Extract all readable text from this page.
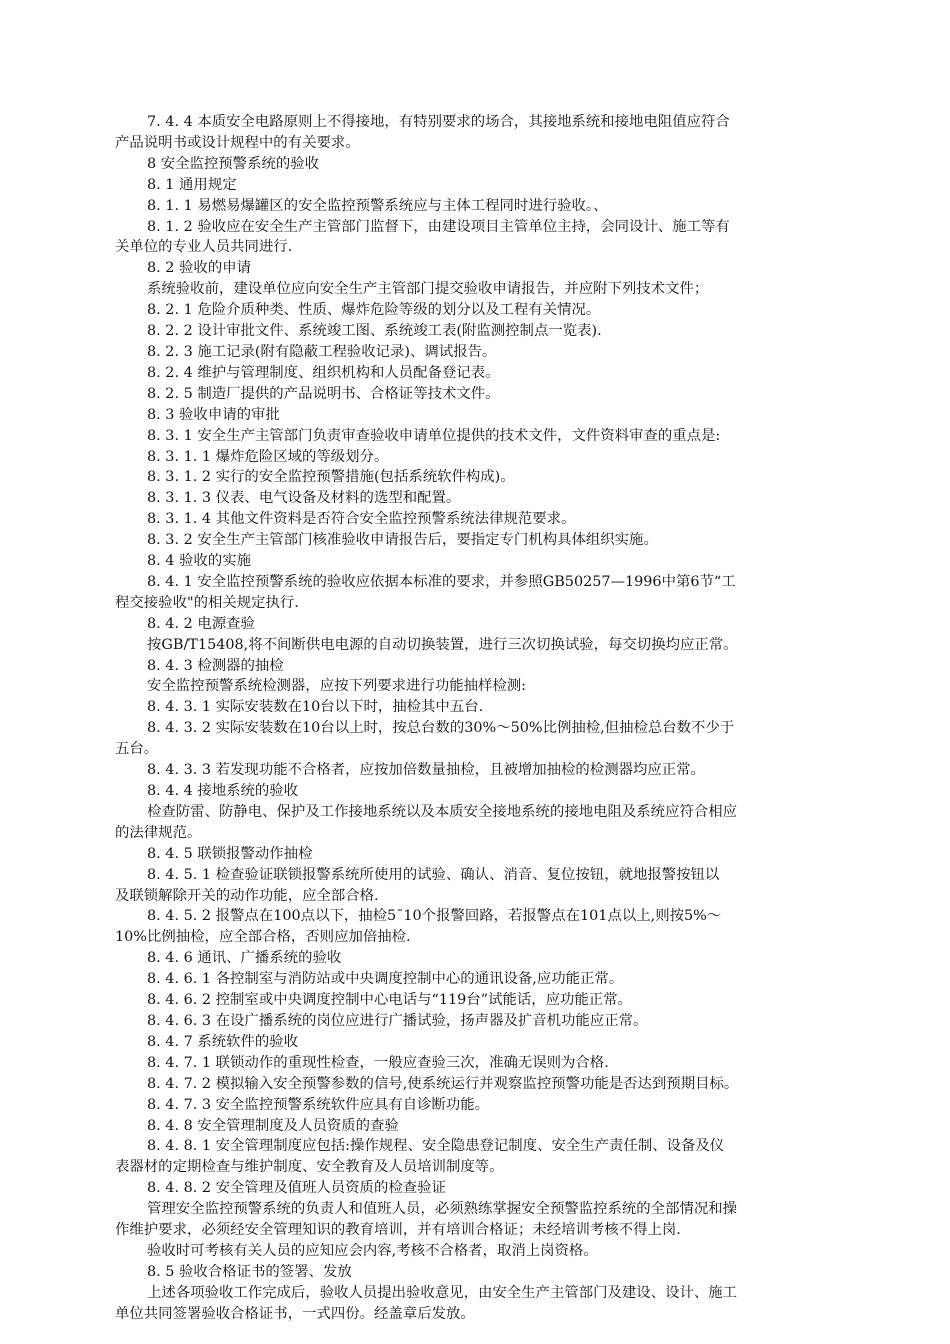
7. 4. 4 本质安全电路原则上不得接地，有特别要求的场合，其接地系统和接地电阻值应符合
产品说明书或设计规程中的有关要求。
8 安全监控预警系统的验收
8. 1 通用规定
8. 1. 1 易燃易爆罐区的安全监控预警系统应与主体工程同时进行验收。、
8. 1. 2 验收应在安全生产主管部门监督下，由建设项目主管单位主持，会同设计、施工等有
关单位的专业人员共同进行.
8. 2 验收的申请
系统验收前，建设单位应向安全生产主管部门提交验收申请报告，并应附下列技术文件；
8. 2. 1 危险介质种类、性质、爆炸危险等级的划分以及工程有关情况。
8. 2. 2 设计审批文件、系统竣工图、系统竣工表(附监测控制点一览表).
8. 2. 3 施工记录(附有隐蔽工程验收记录)、调试报告。
8. 2. 4 维护与管理制度、组织机构和人员配备登记表。
8. 2. 5 制造厂提供的产品说明书、合格证等技术文件。
8. 3 验收申请的审批
8. 3. 1 安全生产主管部门负责审查验收申请单位提供的技术文件，文件资料审查的重点是:
8. 3. 1. 1 爆炸危险区域的等级划分。
8. 3. 1. 2 实行的安全监控预警措施(包括系统软件构成)。
8. 3. 1. 3 仪表、电气设备及材料的选型和配置。
8. 3. 1. 4 其他文件资料是否符合安全监控预警系统法律规范要求。
8. 3. 2 安全生产主管部门核准验收申请报告后，要指定专门机构具体组织实施。
8. 4 验收的实施
8. 4. 1 安全监控预警系统的验收应依据本标准的要求，并参照GB50257—1996中第6节“工
程交接验收"的相关规定执行.
8. 4. 2 电源查验
按GB/T15408,将不间断供电电源的自动切换装置，进行三次切换试验，每交切换均应正常。
8. 4. 3 检测器的抽检
安全监控预警系统检测器，应按下列要求进行功能抽样检测:
8. 4. 3. 1 实际安装数在10台以下时，抽检其中五台.
8. 4. 3. 2 实际安装数在10台以上时，按总台数的30%～50%比例抽检,但抽检总台数不少于
五台。
8. 4. 3. 3 若发现功能不合格者，应按加倍数量抽检，且被增加抽检的检测器均应正常。
8. 4. 4 接地系统的验收
检查防雷、防静电、保护及工作接地系统以及本质安全接地系统的接地电阻及系统应符合相应
的法律规范。
8. 4. 5 联锁报警动作抽检
8. 4. 5. 1 检查验证联锁报警系统所使用的试验、确认、消音、复位按钮，就地报警按钮以
及联锁解除开关的动作功能，应全部合格.
8. 4. 5. 2 报警点在100点以下，抽检5¯10个报警回路，若报警点在101点以上,则按5%～
10%比例抽检，应全部合格，否则应加倍抽检.
8. 4. 6 通讯、广播系统的验收
8. 4. 6. 1 各控制室与消防站或中央调度控制中心的通讯设备,应功能正常。
8. 4. 6. 2 控制室或中央调度控制中心电话与“119台”试能话，应功能正常。
8. 4. 6. 3 在设广播系统的岗位应进行广播试验，扬声器及扩音机功能应正常。
8. 4. 7 系统软件的验收
8. 4. 7. 1 联锁动作的重现性检查，一般应查验三次，准确无误则为合格.
8. 4. 7. 2 模拟输入安全预警参数的信号,使系统运行并观察监控预警功能是否达到预期目标。
8. 4. 7. 3 安全监控预警系统软件应具有自诊断功能。
8. 4. 8 安全管理制度及人员资质的查验
8. 4. 8. 1 安全管理制度应包括:操作规程、安全隐患登记制度、安全生产责任制、设备及仪
表器材的定期检查与维护制度、安全教育及人员培训制度等。
8. 4. 8. 2 安全管理及值班人员资质的检查验证
管理安全监控预警系统的负责人和值班人员，必须熟练掌握安全预警监控系统的全部情况和操
作维护要求，必须经安全管理知识的教育培训，并有培训合格证；未经培训考核不得上岗.
验收时可考核有关人员的应知应会内容,考核不合格者，取消上岗资格。
8. 5 验收合格证书的签署、发放
上述各项验收工作完成后，验收人员提出验收意见，由安全生产主管部门及建设、设计、施工
单位共同签署验收合格证书，一式四份。经盖章后发放。
